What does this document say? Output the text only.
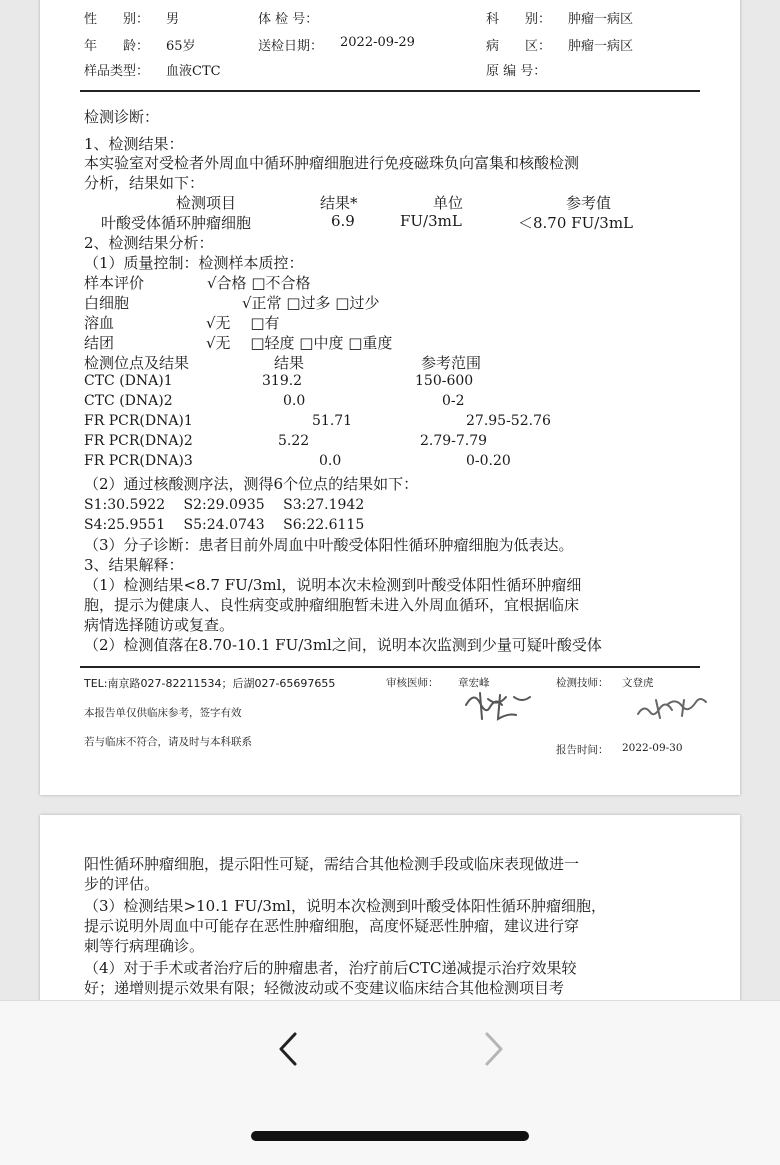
性　　别： 男	体 检 号：	科　　别： 肿瘤一病区
年　　龄： 65岁	送检日期： 2022-09-29	病　　区： 肿瘤一病区
样品类型： 血液CTC	原 编 号：
检测诊断：
1、检测结果：
本实验室对受检者外周血中循环肿瘤细胞进行免疫磁珠负向富集和核酸检测
分析，结果如下：
检测项目	结果*	单位	参考值
叶酸受体循环肿瘤细胞	6.9	FU/3mL	＜8.70 FU/3mL
2、检测结果分析：
（1）质量控制：检测样本质控：
样本评价	√合格 □不合格
白细胞	√正常 □过多 □过少
溶血	√无　 □有
结团	√无　 □轻度 □中度 □重度
检测位点及结果	结果	参考范围
CTC (DNA)1	319.2	150-600
CTC (DNA)2	0.0	0-2
FR PCR(DNA)1	51.71	27.95-52.76
FR PCR(DNA)2	5.22	2.79-7.79
FR PCR(DNA)3	0.0	0-0.20
（2）通过核酸测序法，测得6个位点的结果如下：
S1:30.5922　 S2:29.0935　 S3:27.1942
S4:25.9551　 S5:24.0743　 S6:22.6115
（3）分子诊断：患者目前外周血中叶酸受体阳性循环肿瘤细胞为低表达。
3、结果解释：
（1）检测结果<8.7 FU/3ml，说明本次未检测到叶酸受体阳性循环肿瘤细
胞，提示为健康人、良性病变或肿瘤细胞暂未进入外周血循环，宜根据临床
病情选择随访或复查。
（2）检测值落在8.70-10.1 FU/3ml之间，说明本次监测到少量可疑叶酸受体
TEL:南京路027-82211534；后湖027-65697655	审核医师： 章宏峰	检测技师： 文登虎
本报告单仅供临床参考，签字有效
若与临床不符合，请及时与本科联系
报告时间： 2022-09-30
阳性循环肿瘤细胞，提示阳性可疑，需结合其他检测手段或临床表现做进一
步的评估。
（3）检测结果>10.1 FU/3ml，说明本次检测到叶酸受体阳性循环肿瘤细胞，
提示说明外周血中可能存在恶性肿瘤细胞，高度怀疑恶性肿瘤，建议进行穿
刺等行病理确诊。
（4）对于手术或者治疗后的肿瘤患者，治疗前后CTC递减提示治疗效果较
好；递增则提示效果有限；轻微波动或不变建议临床结合其他检测项目考
